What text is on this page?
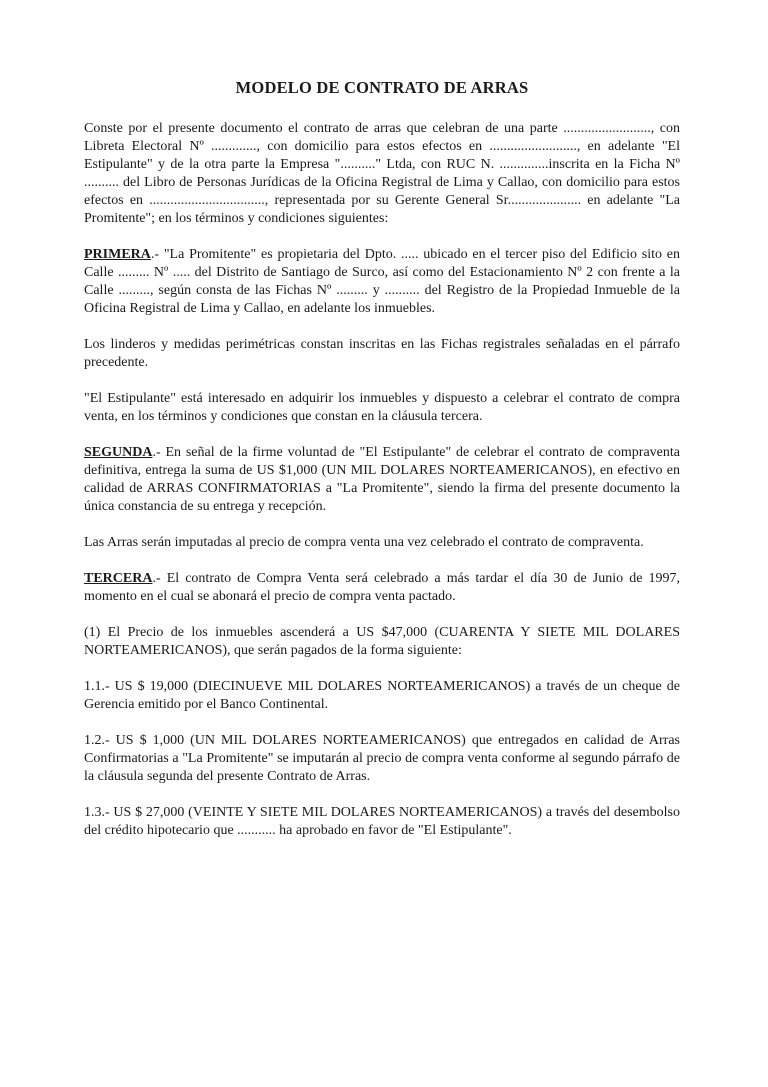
MODELO DE CONTRATO DE ARRAS

Conste por el presente documento el contrato de arras que celebran de una parte ........................., con Libreta Electoral Nº ............., con domicilio para estos efectos en ........................., en adelante "El Estipulante" y de la otra parte la Empresa ".........." Ltda, con RUC N. ..............inscrita en la Ficha Nº .......... del Libro de Personas Jurídicas de la Oficina Registral de Lima y Callao, con domicilio para estos efectos en ................................., representada por su Gerente General Sr..................... en adelante "La Promitente"; en los términos y condiciones siguientes:

PRIMERA.- "La Promitente" es propietaria del Dpto. ..... ubicado en el tercer piso del Edificio sito en Calle ......... Nº ..... del Distrito de Santiago de Surco, así como del Estacionamiento Nº 2 con frente a la Calle ........., según consta de las Fichas Nº ......... y .......... del Registro de la Propiedad Inmueble de la Oficina Registral de Lima y Callao, en adelante los inmuebles.

Los linderos y medidas perimétricas constan inscritas en las Fichas registrales señaladas en el párrafo precedente.

"El Estipulante" está interesado en adquirir los inmuebles y dispuesto a celebrar el contrato de compra venta, en los términos y condiciones que constan en la cláusula tercera.

SEGUNDA.- En señal de la firme voluntad de "El Estipulante" de celebrar el contrato de compraventa definitiva, entrega la suma de US $1,000 (UN MIL DOLARES NORTEAMERICANOS), en efectivo en calidad de ARRAS CONFIRMATORIAS a "La Promitente", siendo la firma del presente documento la única constancia de su entrega y recepción.

Las Arras serán imputadas al precio de compra venta una vez celebrado el contrato de compraventa.

TERCERA.- El contrato de Compra Venta será celebrado a más tardar el día 30 de Junio de 1997, momento en el cual se abonará el precio de compra venta pactado.

(1) El Precio de los inmuebles ascenderá a US $47,000 (CUARENTA Y SIETE MIL DOLARES NORTEAMERICANOS), que serán pagados de la forma siguiente:

1.1.- US $ 19,000 (DIECINUEVE MIL DOLARES NORTEAMERICANOS) a través de un cheque de Gerencia emitido por el Banco Continental.

1.2.- US $ 1,000 (UN MIL DOLARES NORTEAMERICANOS) que entregados en calidad de Arras Confirmatorias a "La Promitente" se imputarán al precio de compra venta conforme al segundo párrafo de la cláusula segunda del presente Contrato de Arras.

1.3.- US $ 27,000 (VEINTE Y SIETE MIL DOLARES NORTEAMERICANOS) a través del desembolso del crédito hipotecario que ........... ha aprobado en favor de "El Estipulante".
